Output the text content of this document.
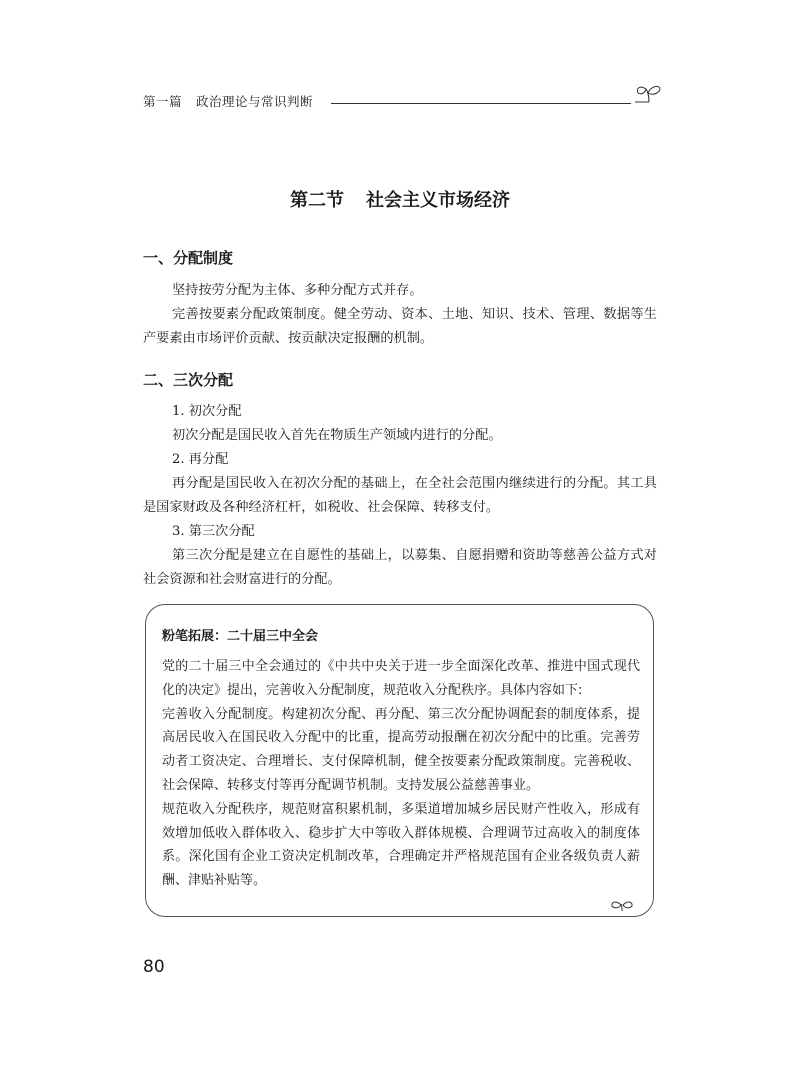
第一篇 政治理论与常识判断
第二节 社会主义市场经济
一、分配制度
坚持按劳分配为主体、多种分配方式并存。
完善按要素分配政策制度。健全劳动、资本、土地、知识、技术、管理、数据等生产要素由市场评价贡献、按贡献决定报酬的机制。
二、三次分配
1. 初次分配
初次分配是国民收入首先在物质生产领域内进行的分配。
2. 再分配
再分配是国民收入在初次分配的基础上，在全社会范围内继续进行的分配。其工具是国家财政及各种经济杠杆，如税收、社会保障、转移支付。
3. 第三次分配
第三次分配是建立在自愿性的基础上，以募集、自愿捐赠和资助等慈善公益方式对社会资源和社会财富进行的分配。
粉笔拓展：二十届三中全会

党的二十届三中全会通过的《中共中央关于进一步全面深化改革、推进中国式现代化的决定》提出，完善收入分配制度，规范收入分配秩序。具体内容如下:

完善收入分配制度。构建初次分配、再分配、第三次分配协调配套的制度体系，提高居民收入在国民收入分配中的比重，提高劳动报酬在初次分配中的比重。完善劳动者工资决定、合理增长、支付保障机制，健全按要素分配政策制度。完善税收、社会保障、转移支付等再分配调节机制。支持发展公益慈善事业。

规范收入分配秩序，规范财富积累机制，多渠道增加城乡居民财产性收入，形成有效增加低收入群体收入、稳步扩大中等收入群体规模、合理调节过高收入的制度体系。深化国有企业工资决定机制改革，合理确定并严格规范国有企业各级负责人薪酬、津贴补贴等。

80
